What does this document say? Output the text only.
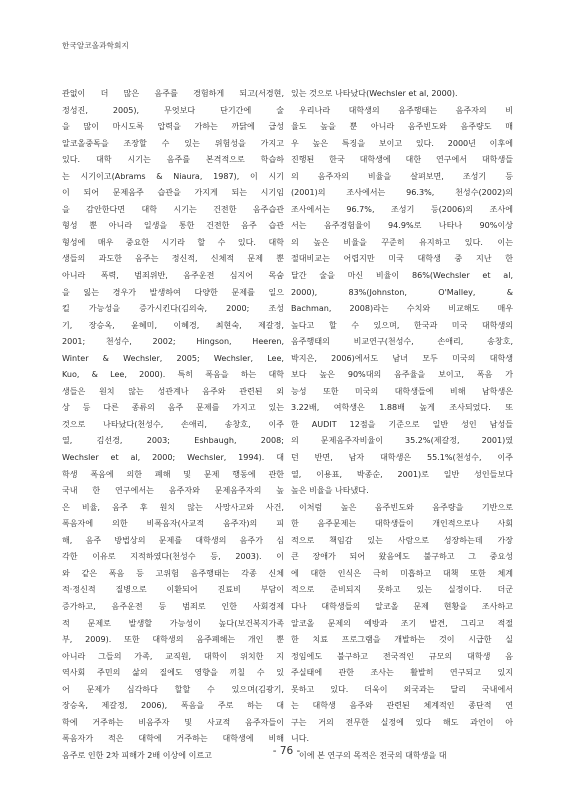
한국알코올과학회지
관없이 더 많은 음주를 경험하게 되고(서경현,
정성진, 2005), 무엇보다 단기간에 술
을 많이 마시도록 압력을 가하는 까닭에 급성
알코올중독을 조장할 수 있는 위험성을 가지고
있다. 대학 시기는 음주를 본격적으로 학습하
는 시기이고(Abrams & Niaura, 1987), 이 시기
이 되어 문제음주 습관을 가지게 되는 시기임
을 감안한다면 대학 시기는 건전한 음주습관
형성 뿐 아니라 일생을 통한 건전한 음주 습관
형성에 매우 중요한 시기라 할 수 있다. 대학
생들의 과도한 음주는 정신적, 신체적 문제 뿐
아니라 폭력, 범죄위반, 음주운전 심지어 목숨
을 잃는 경우가 발생하여 다양한 문제를 일으
킬 가능성을 증가시킨다(김의숙, 2000; 조성
기, 장승옥, 윤혜미, 이혜경, 최현숙, 제갈정,
2001; 천성수, 2002; Hingson, Heeren,
Winter & Wechsler, 2005; Wechsler, Lee,
Kuo, & Lee, 2000). 특히 폭음을 하는 대학
생들은 원치 않는 성관계나 음주와 관련된 외
상 등 다른 종류의 음주 문제를 가지고 있는
것으로 나타났다(천성수, 손애리, 송창호, 이주
열, 김선경, 2003; Eshbaugh, 2008;
Wechsler et al, 2000; Wechsler, 1994). 대
학생 폭음에 의한 폐해 및 문제 행동에 관한
국내 한 연구에서는 음주자와 문제음주자의 높
은 비율, 음주 후 원치 않는 사망사고와 사건,
폭음자에 의한 비폭음자(사교적 음주자)의 피
해, 음주 방법상의 문제를 대학생의 음주가 심
각한 이유로 지적하였다(천성수 등, 2003). 이
와 같은 폭음 등 고위험 음주행태는 각종 신체
적·정신적 질병으로 이환되어 진료비 부담이
증가하고, 음주운전 등 범죄로 인한 사회경제
적 문제로 발생할 가능성이 높다(보건복지가족
부, 2009). 또한 대학생의 음주폐해는 개인 뿐
아니라 그들의 가족, 교직원, 대학이 위치한 지
역사회 주민의 삶의 질에도 영향을 끼칠 수 있
어 문제가 심각하다 할할 수 있으며(김광기,
장승옥, 제갈정, 2006), 폭음을 주로 하는 대
학에 거주하는 비음주자 및 사교적 음주자들이
폭음자가 적은 대학에 거주하는 대학생에 비해
음주로 인한 2차 피해가 2배 이상에 이르고
있는 것으로 나타났다(Wechsler et al, 2000).
우리나라 대학생의 음주행태는 음주자의 비
율도 높을 뿐 아니라 음주빈도와 음주량도 매
우 높은 특징을 보이고 있다. 2000년 이후에
진행된 한국 대학생에 대한 연구에서 대학생들
의 음주자의 비율을 살펴보면, 조성기 등
(2001)의 조사에서는 96.3%, 천성수(2002)의
조사에서는 96.7%, 조성기 등(2006)의 조사에
서는 음주경험율이 94.9%로 나타나 90%이상
의 높은 비율을 꾸준히 유지하고 있다. 이는
절대비교는 어렵지만 미국 대학생 중 지난 한
달간 술을 마신 비율이 86%(Wechsler et al,
2000), 83%(Johnston, O'Malley, &
Bachman, 2008)라는 수치와 비교해도 매우
높다고 할 수 있으며, 한국과 미국 대학생의
음주행태의 비교연구(천성수, 손애리, 송창호,
박지은, 2006)에서도 남녀 모두 미국의 대학생
보다 높은 90%대의 음주율을 보이고, 폭음 가
능성 또한 미국의 대학생들에 비해 남학생은
3.22배, 여학생은 1.88배 높게 조사되었다. 또
한 AUDIT 12점을 기준으로 일반 성인 남성들
의 문제음주자비율이 35.2%(제갈정, 2001)였
던 반면, 남자 대학생은 55.1%(천성수, 이주
열, 이용표, 박종순, 2001)로 일반 성인들보다
높은 비율을 나타냈다.
이처럼 높은 음주빈도와 음주량을 기반으로
한 음주문제는 대학생들이 개인적으로나 사회
적으로 책임감 있는 사람으로 성장하는데 가장
큰 장애가 되어 왔음에도 불구하고 그 중요성
에 대한 인식은 극히 미흡하고 대책 또한 체계
적으로 준비되지 못하고 있는 실정이다. 더군
다나 대학생들의 알코올 문제 현황을 조사하고
알코올 문제의 예방과 조기 발견, 그리고 적절
한 치료 프로그램을 개발하는 것이 시급한 실
정임에도 불구하고 전국적인 규모의 대학생 음
주실태에 관한 조사는 활발히 연구되고 있지
못하고 있다. 더욱이 외국과는 달리 국내에서
는 대학생 음주와 관련된 체계적인 종단적 연
구는 거의 전무한 실정에 있다 해도 과언이 아
니다.
이에 본 연구의 목적은 전국의 대학생을 대
- 76 -
